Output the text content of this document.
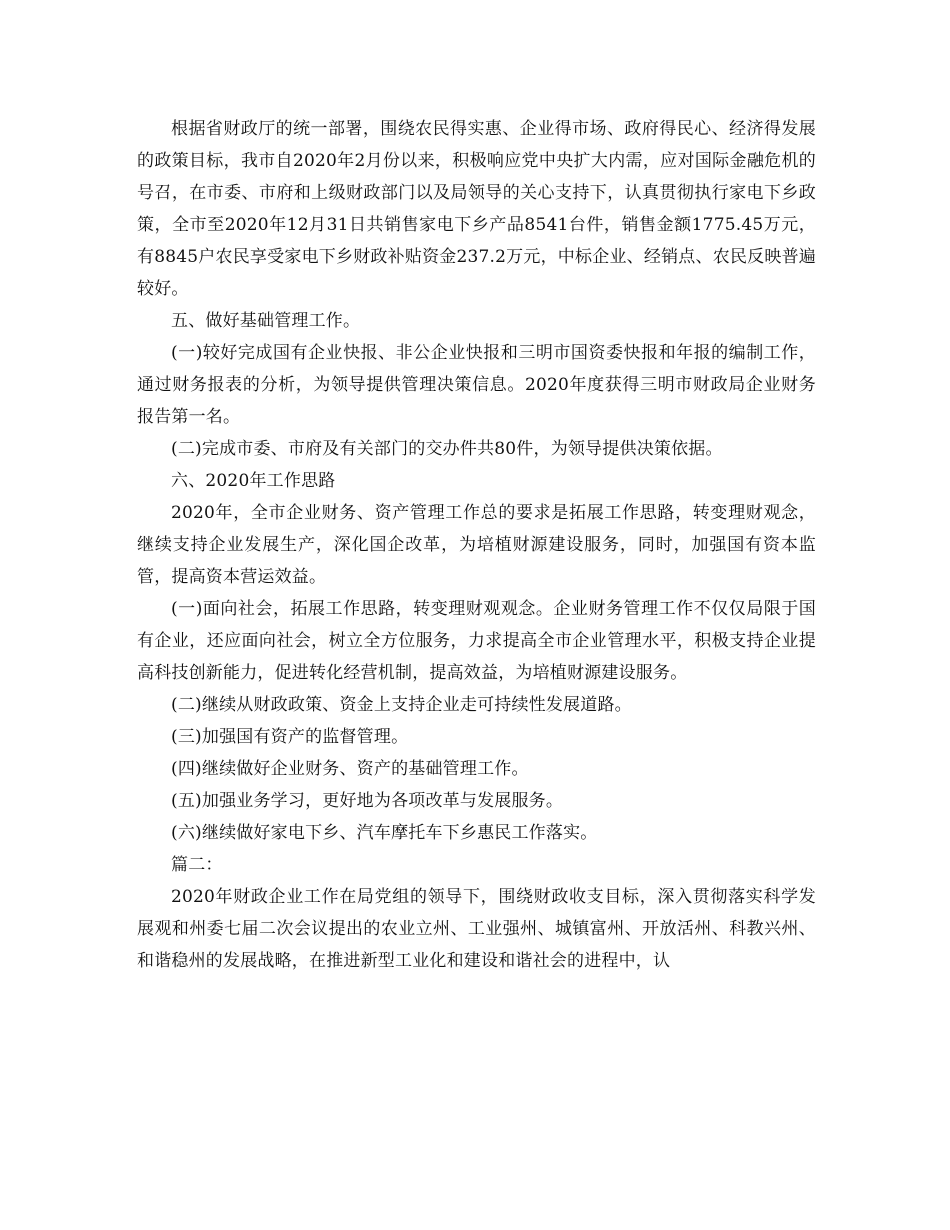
根据省财政厅的统一部署，围绕农民得实惠、企业得市场、政府得民心、经济得发展的政策目标，我市自2020年2月份以来，积极响应党中央扩大内需，应对国际金融危机的号召，在市委、市府和上级财政部门以及局领导的关心支持下，认真贯彻执行家电下乡政策，全市至2020年12月31日共销售家电下乡产品8541台件，销售金额1775.45万元，有8845户农民享受家电下乡财政补贴资金237.2万元，中标企业、经销点、农民反映普遍较好。

五、做好基础管理工作。

(一)较好完成国有企业快报、非公企业快报和三明市国资委快报和年报的编制工作，通过财务报表的分析，为领导提供管理决策信息。2020年度获得三明市财政局企业财务报告第一名。

(二)完成市委、市府及有关部门的交办件共80件，为领导提供决策依据。

六、2020年工作思路

2020年，全市企业财务、资产管理工作总的要求是拓展工作思路，转变理财观念，继续支持企业发展生产，深化国企改革，为培植财源建设服务，同时，加强国有资本监管，提高资本营运效益。

(一)面向社会，拓展工作思路，转变理财观观念。企业财务管理工作不仅仅局限于国有企业，还应面向社会，树立全方位服务，力求提高全市企业管理水平，积极支持企业提高科技创新能力，促进转化经营机制，提高效益，为培植财源建设服务。

(二)继续从财政政策、资金上支持企业走可持续性发展道路。

(三)加强国有资产的监督管理。

(四)继续做好企业财务、资产的基础管理工作。

(五)加强业务学习，更好地为各项改革与发展服务。

(六)继续做好家电下乡、汽车摩托车下乡惠民工作落实。

篇二：

2020年财政企业工作在局党组的领导下，围绕财政收支目标，深入贯彻落实科学发展观和州委七届二次会议提出的农业立州、工业强州、城镇富州、开放活州、科教兴州、和谐稳州的发展战略，在推进新型工业化和建设和谐社会的进程中，认
